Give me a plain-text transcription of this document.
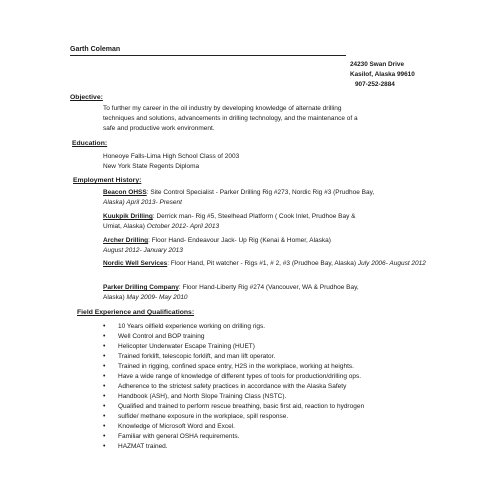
Garth Coleman
24230 Swan Drive
Kasilof, Alaska 99610
907-252-2884
Objective:
To further my career in the oil industry by developing knowledge of alternate drilling
techniques and solutions, advancements in drilling technology, and the maintenance of a
safe and productive work environment.
Education:
Honeoye Falls-Lima High School Class of 2003
New York State Regents Diploma
Employment History:
Beacon OHSS: Site Control Specialist - Parker Drilling Rig #273, Nordic Rig #3 (Prudhoe Bay,
Alaska) April 2013- Present
Kuukpik Drilling: Derrick man- Rig #5, Steelhead Platform ( Cook Inlet, Prudhoe Bay &
Umiat, Alaska) October 2012- April 2013
Archer Drilling: Floor Hand- Endeavour Jack- Up Rig (Kenai & Homer, Alaska)
August 2012- January 2013
Nordic Well Services: Floor Hand, Pit watcher - Rigs #1, # 2, #3 (Prudhoe Bay, Alaska) July 2006- August 2012
Parker Drilling Company: Floor Hand-Liberty Rig #274 (Vancouver, WA & Prudhoe Bay,
Alaska) May 2009- May 2010
Field Experience and Qualifications:
• 10 Years oilfield experience working on drilling rigs.
• Well Control and BOP training
• Helicopter Underwater Escape Training (HUET)
• Trained forklift, telescopic forklift, and man lift operator.
• Trained in rigging, confined space entry, H2S in the workplace, working at heights.
• Have a wide range of knowledge of different types of tools for production/drilling ops.
• Adherence to the strictest safety practices in accordance with the Alaska Safety
• Handbook (ASH), and North Slope Training Class (NSTC).
• Qualified and trained to perform rescue breathing, basic first aid, reaction to hydrogen
• sulfide/ methane exposure in the workplace, spill response.
• Knowledge of Microsoft Word and Excel.
• Familiar with general OSHA requirements.
• HAZMAT trained.
